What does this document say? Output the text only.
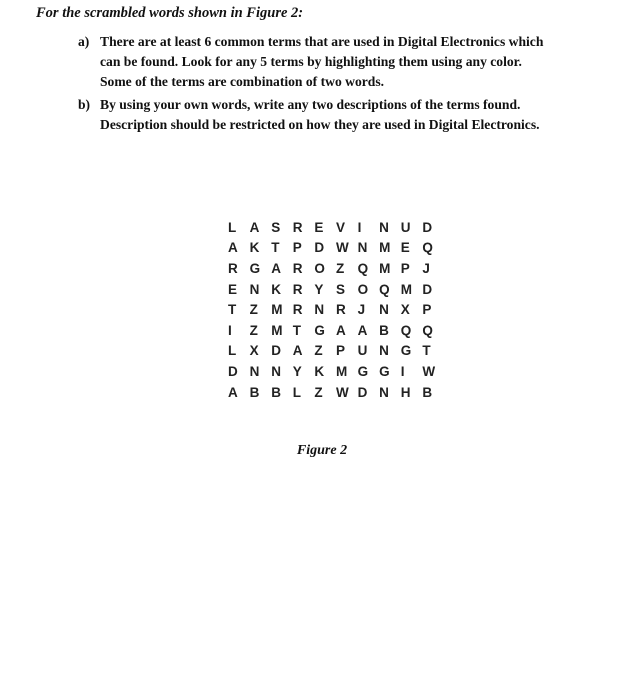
For the scrambled words shown in Figure 2:

a) There are at least 6 common terms that are used in Digital Electronics which
can be found. Look for any 5 terms by highlighting them using any color.
Some of the terms are combination of two words.
b) By using your own words, write any two descriptions of the terms found.
Description should be restricted on how they are used in Digital Electronics.
L A S R E V I	N U D
A K T P D W N M E Q
R G A R O Z Q M P J
E N K R Y S O Q M D
T Z M R N R J	N X P
I	Z M T G A A B Q Q
L X D A Z P U N G T
D N N Y K M G G I	W
A B B L Z W D N H B

Figure 2
